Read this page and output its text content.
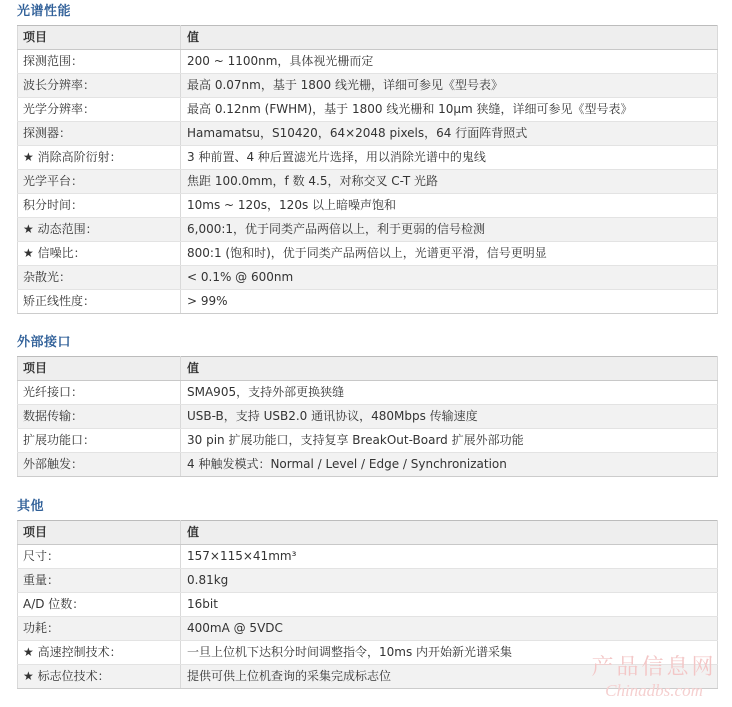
光谱性能
项目	值
探测范围：	200 ~ 1100nm，具体视光栅而定
波长分辨率：	最高 0.07nm，基于 1800 线光栅，详细可参见《型号表》
光学分辨率：	最高 0.12nm (FWHM)，基于 1800 线光栅和 10μm 狭缝，详细可参见《型号表》
探测器：	Hamamatsu，S10420，64×2048 pixels，64 行面阵背照式
★ 消除高阶衍射：	3 种前置、4 种后置滤光片选择，用以消除光谱中的鬼线
光学平台：	焦距 100.0mm，f 数 4.5，对称交叉 C-T 光路
积分时间：	10ms ~ 120s，120s 以上暗噪声饱和
★ 动态范围：	6,000:1，优于同类产品两倍以上，利于更弱的信号检测
★ 信噪比：	800:1 (饱和时)，优于同类产品两倍以上，光谱更平滑，信号更明显
杂散光：	< 0.1% @ 600nm
矫正线性度：	> 99%
外部接口
项目	值
光纤接口：	SMA905，支持外部更换狭缝
数据传输：	USB-B，支持 USB2.0 通讯协议，480Mbps 传输速度
扩展功能口：	30 pin 扩展功能口，支持复享 BreakOut-Board 扩展外部功能
外部触发：	4 种触发模式：Normal / Level / Edge / Synchronization
其他
项目	值
尺寸：	157×115×41mm³
重量：	0.81kg
A/D 位数：	16bit
功耗：	400mA @ 5VDC
★ 高速控制技术：	一旦上位机下达积分时间调整指令，10ms 内开始新光谱采集
★ 标志位技术：	提供可供上位机查询的采集完成标志位	产品信息网
Chinadbs.com
